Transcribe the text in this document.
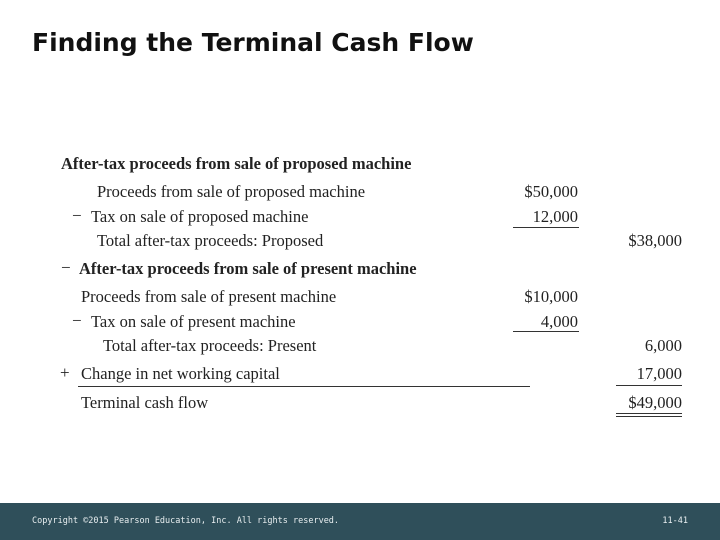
Finding the Terminal Cash Flow
After-tax proceeds from sale of proposed machine
Proceeds from sale of proposed machine	$50,000
− Tax on sale of proposed machine	12,000
Total after-tax proceeds: Proposed	$38,000
− After-tax proceeds from sale of present machine
Proceeds from sale of present machine	$10,000
− Tax on sale of present machine	4,000
Total after-tax proceeds: Present	6,000
+ Change in net working capital	17,000
Terminal cash flow	$49,000
Copyright ©2015 Pearson Education, Inc. All rights reserved.	11-41
